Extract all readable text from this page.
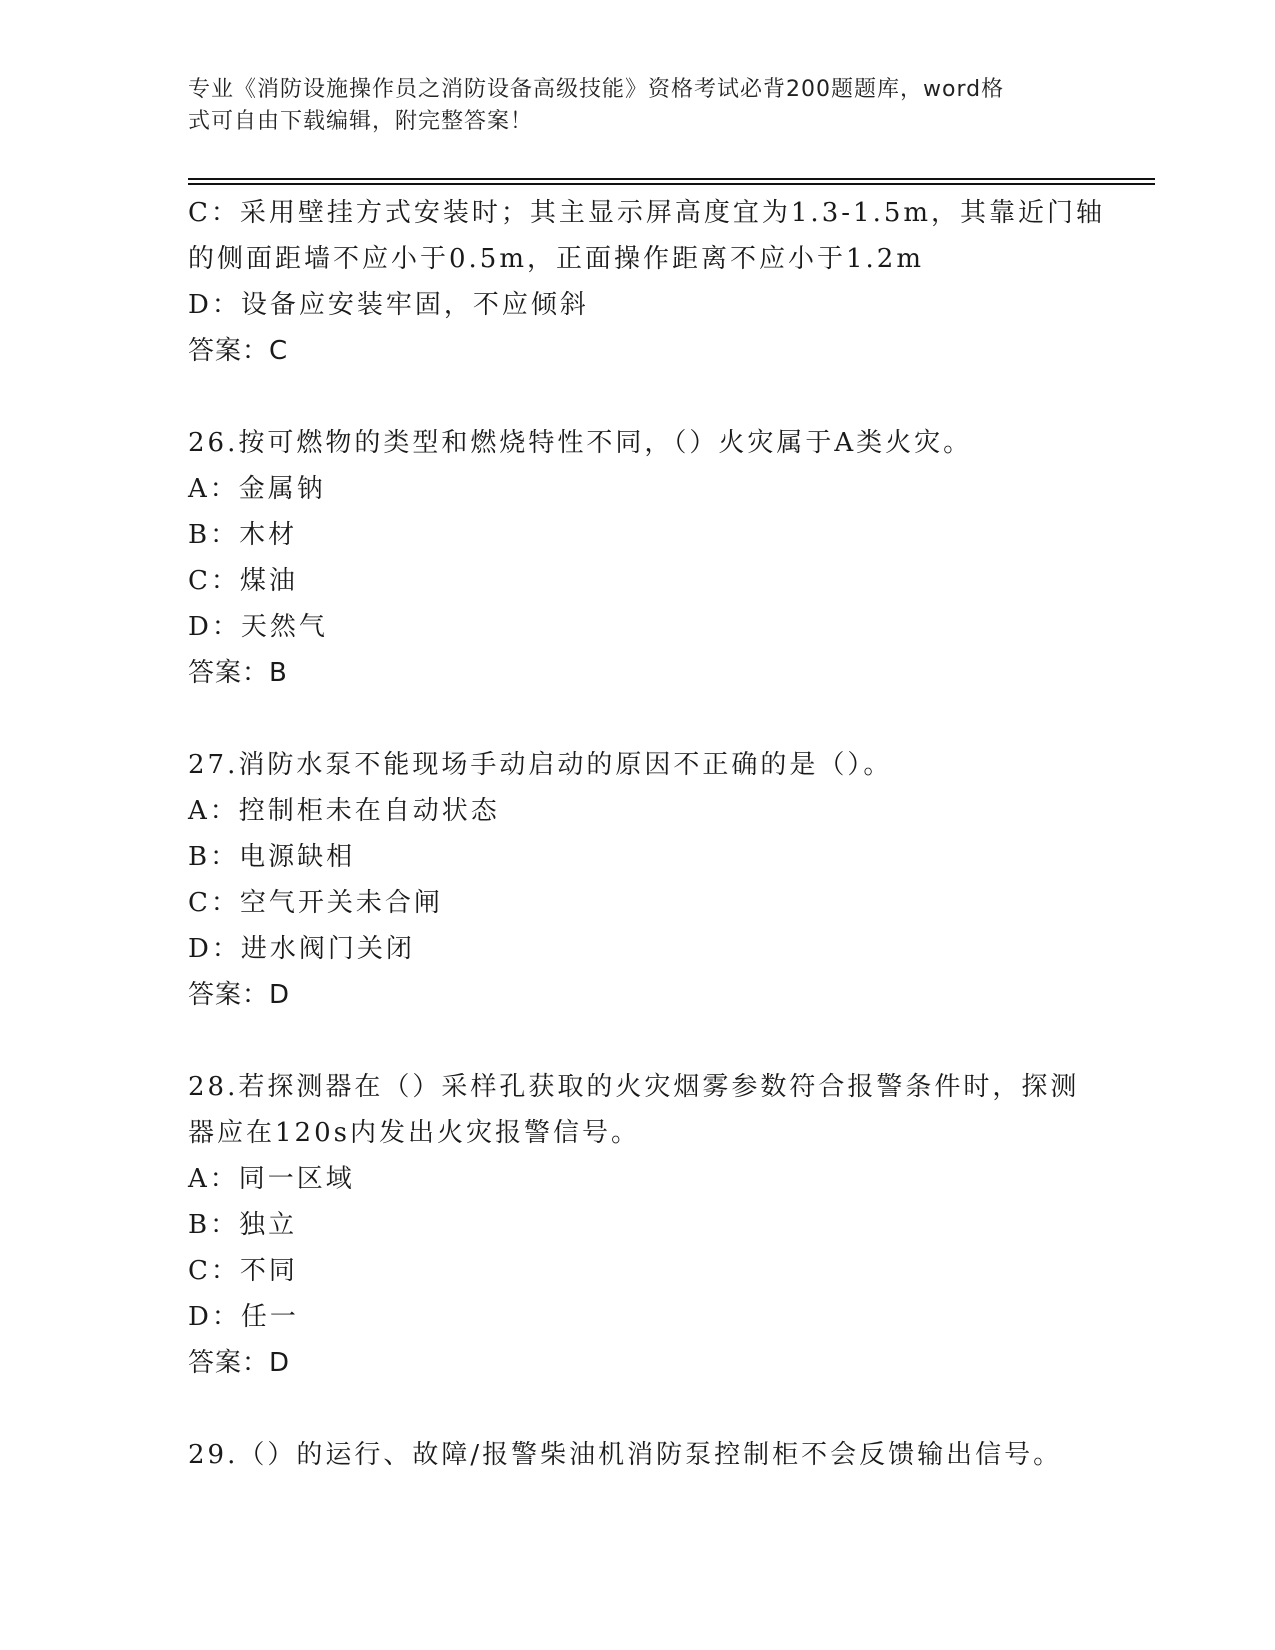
专业《消防设施操作员之消防设备高级技能》资格考试必背200题题库，word格
式可自由下载编辑，附完整答案！
C：采用壁挂方式安装时；其主显示屏高度宜为1.3-1.5m，其靠近门轴
的侧面距墙不应小于0.5m，正面操作距离不应小于1.2m
D：设备应安装牢固，不应倾斜
答案：C
26.按可燃物的类型和燃烧特性不同，（）火灾属于A类火灾。
A：金属钠
B：木材
C：煤油
D：天然气
答案：B
27.消防水泵不能现场手动启动的原因不正确的是（）。
A：控制柜未在自动状态
B：电源缺相
C：空气开关未合闸
D：进水阀门关闭
答案：D
28.若探测器在（）采样孔获取的火灾烟雾参数符合报警条件时，探测
器应在120s内发出火灾报警信号。
A：同一区域
B：独立
C：不同
D：任一
答案：D
29.（）的运行、故障/报警柴油机消防泵控制柜不会反馈输出信号。
